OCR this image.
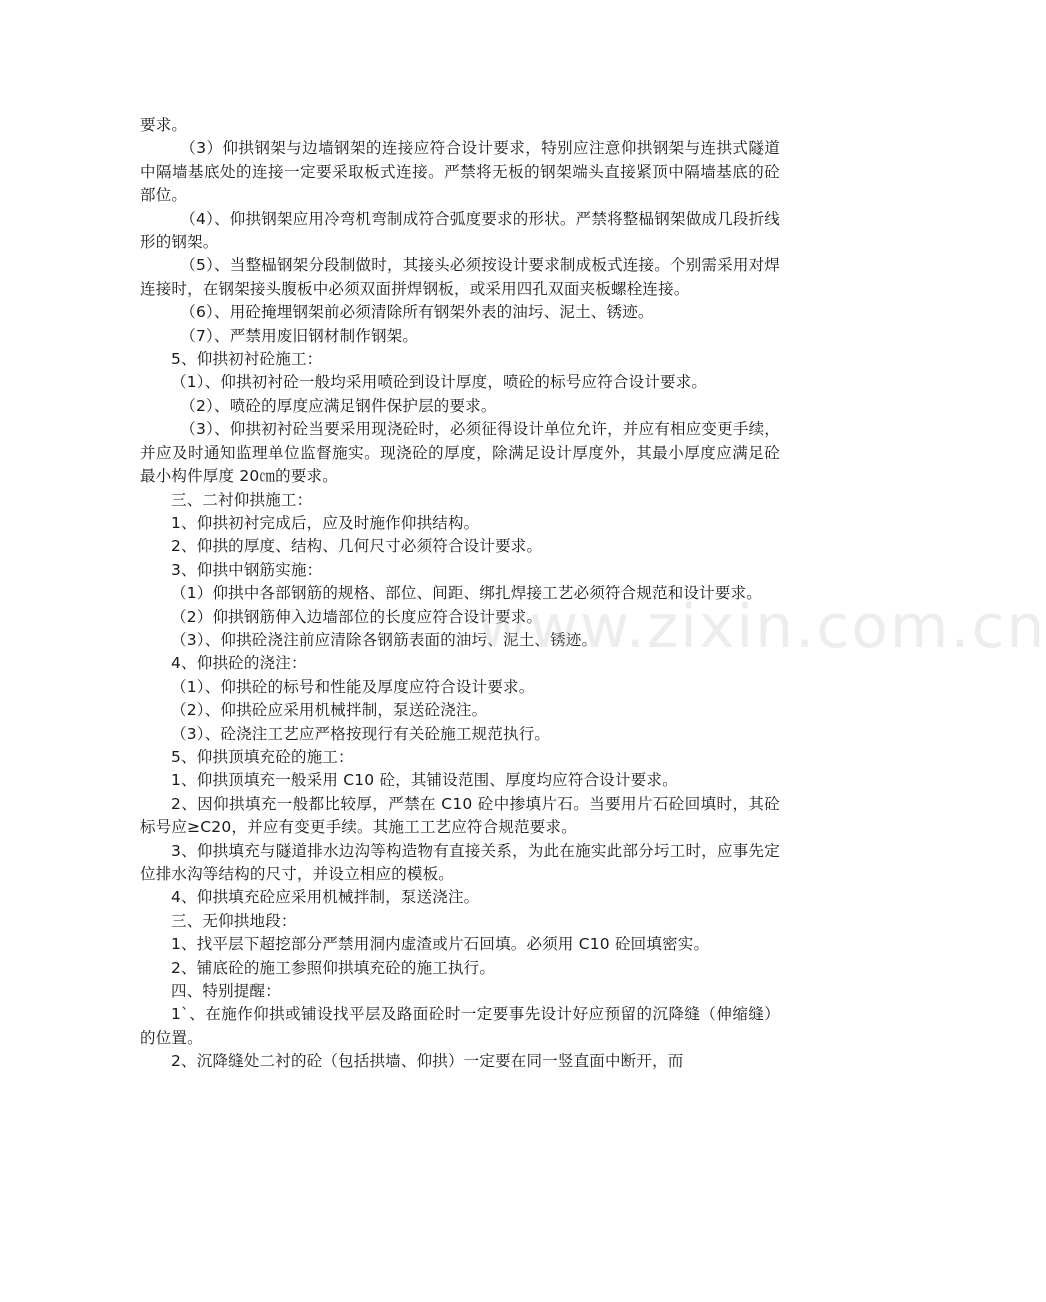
要求。

（3）仰拱钢架与边墙钢架的连接应符合设计要求，特别应注意仰拱钢架与连拱式隧道中隔墙基底处的连接一定要采取板式连接。严禁将无板的钢架端头直接紧顶中隔墙基底的砼部位。

（4）、仰拱钢架应用冷弯机弯制成符合弧度要求的形状。严禁将整榀钢架做成几段折线形的钢架。

（5）、当整榀钢架分段制做时，其接头必须按设计要求制成板式连接。个别需采用对焊连接时，在钢架接头腹板中必须双面拼焊钢板，或采用四孔双面夹板螺栓连接。

（6）、用砼掩埋钢架前必须清除所有钢架外表的油圬、泥土、锈迹。

（7）、严禁用废旧钢材制作钢架。

5、仰拱初衬砼施工：

（1）、仰拱初衬砼一般均采用喷砼到设计厚度，喷砼的标号应符合设计要求。

（2）、喷砼的厚度应满足钢件保护层的要求。

（3）、仰拱初衬砼当要采用现浇砼时，必须征得设计单位允许，并应有相应变更手续，并应及时通知监理单位监督施实。现浇砼的厚度，除满足设计厚度外，其最小厚度应满足砼最小构件厚度 20㎝的要求。

三、二衬仰拱施工：

1、仰拱初衬完成后，应及时施作仰拱结构。

2、仰拱的厚度、结构、几何尺寸必须符合设计要求。

3、仰拱中钢筋实施：

（1）仰拱中各部钢筋的规格、部位、间距、绑扎焊接工艺必须符合规范和设计要求。

（2）仰拱钢筋伸入边墙部位的长度应符合设计要求。

（3）、仰拱砼浇注前应清除各钢筋表面的油圬、泥土、锈迹。

4、仰拱砼的浇注：

（1）、仰拱砼的标号和性能及厚度应符合设计要求。

（2）、仰拱砼应采用机械拌制，泵送砼浇注。

（3）、砼浇注工艺应严格按现行有关砼施工规范执行。

5、仰拱顶填充砼的施工：

1、仰拱顶填充一般采用 C10 砼，其铺设范围、厚度均应符合设计要求。

2、因仰拱填充一般都比较厚，严禁在 C10 砼中掺填片石。当要用片石砼回填时，其砼标号应≥C20，并应有变更手续。其施工工艺应符合规范要求。

3、仰拱填充与隧道排水边沟等构造物有直接关系，为此在施实此部分圬工时，应事先定位排水沟等结构的尺寸，并设立相应的模板。

4、仰拱填充砼应采用机械拌制，泵送浇注。

三、无仰拱地段：

1、找平层下超挖部分严禁用洞内虚渣或片石回填。必须用 C10 砼回填密实。

2、铺底砼的施工参照仰拱填充砼的施工执行。

四、特别提醒：

1`、在施作仰拱或铺设找平层及路面砼时一定要事先设计好应预留的沉降缝（伸缩缝）的位置。

2、沉降缝处二衬的砼（包括拱墙、仰拱）一定要在同一竖直面中断开，而

www.zixin.com.cn
